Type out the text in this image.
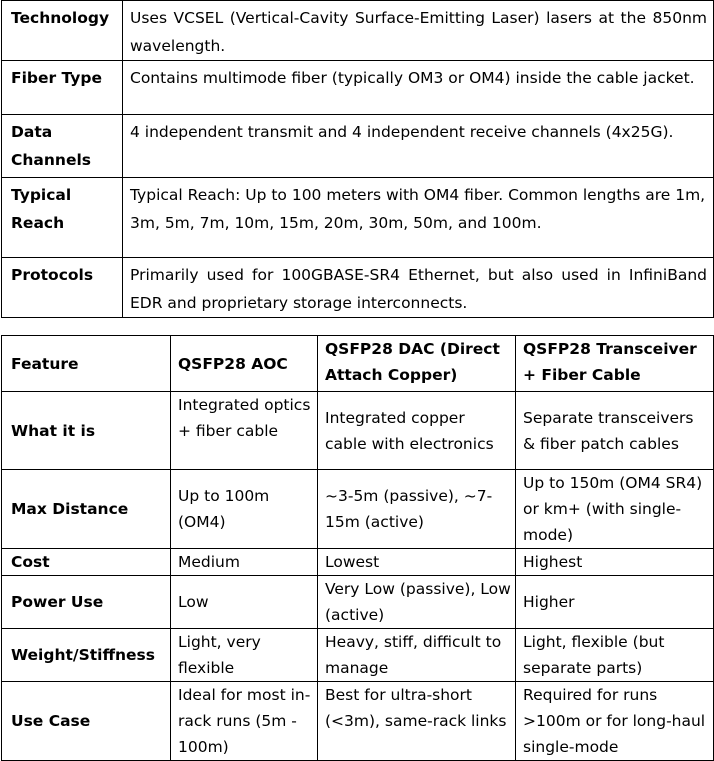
Technology	Uses VCSEL (Vertical-Cavity Surface-Emitting Laser) lasers at the 850nm wavelength.
Fiber Type	Contains multimode fiber (typically OM3 or OM4) inside the cable jacket.
Data Channels	4 independent transmit and 4 independent receive channels (4x25G).
Typical Reach	Typical Reach: Up to 100 meters with OM4 fiber. Common lengths are 1m, 3m, 5m, 7m, 10m, 15m, 20m, 30m, 50m, and 100m.
Protocols	Primarily used for 100GBASE-SR4 Ethernet, but also used in InfiniBand EDR and proprietary storage interconnects.
Feature	QSFP28 AOC	QSFP28 DAC (Direct Attach Copper)	QSFP28 Transceiver + Fiber Cable
What it is	Integrated optics + fiber cable	Integrated copper cable with electronics	Separate transceivers & fiber patch cables
Max Distance	Up to 100m (OM4)	~3-5m (passive), ~7-15m (active)	Up to 150m (OM4 SR4) or km+ (with single-mode)
Cost	Medium	Lowest	Highest
Power Use	Low	Very Low (passive), Low (active)	Higher
Weight/Stiffness	Light, very flexible	Heavy, stiff, difficult to manage	Light, flexible (but separate parts)
Use Case	Ideal for most in-rack runs (5m - 100m)	Best for ultra-short (<3m), same-rack links	Required for runs >100m or for long-haul single-mode
